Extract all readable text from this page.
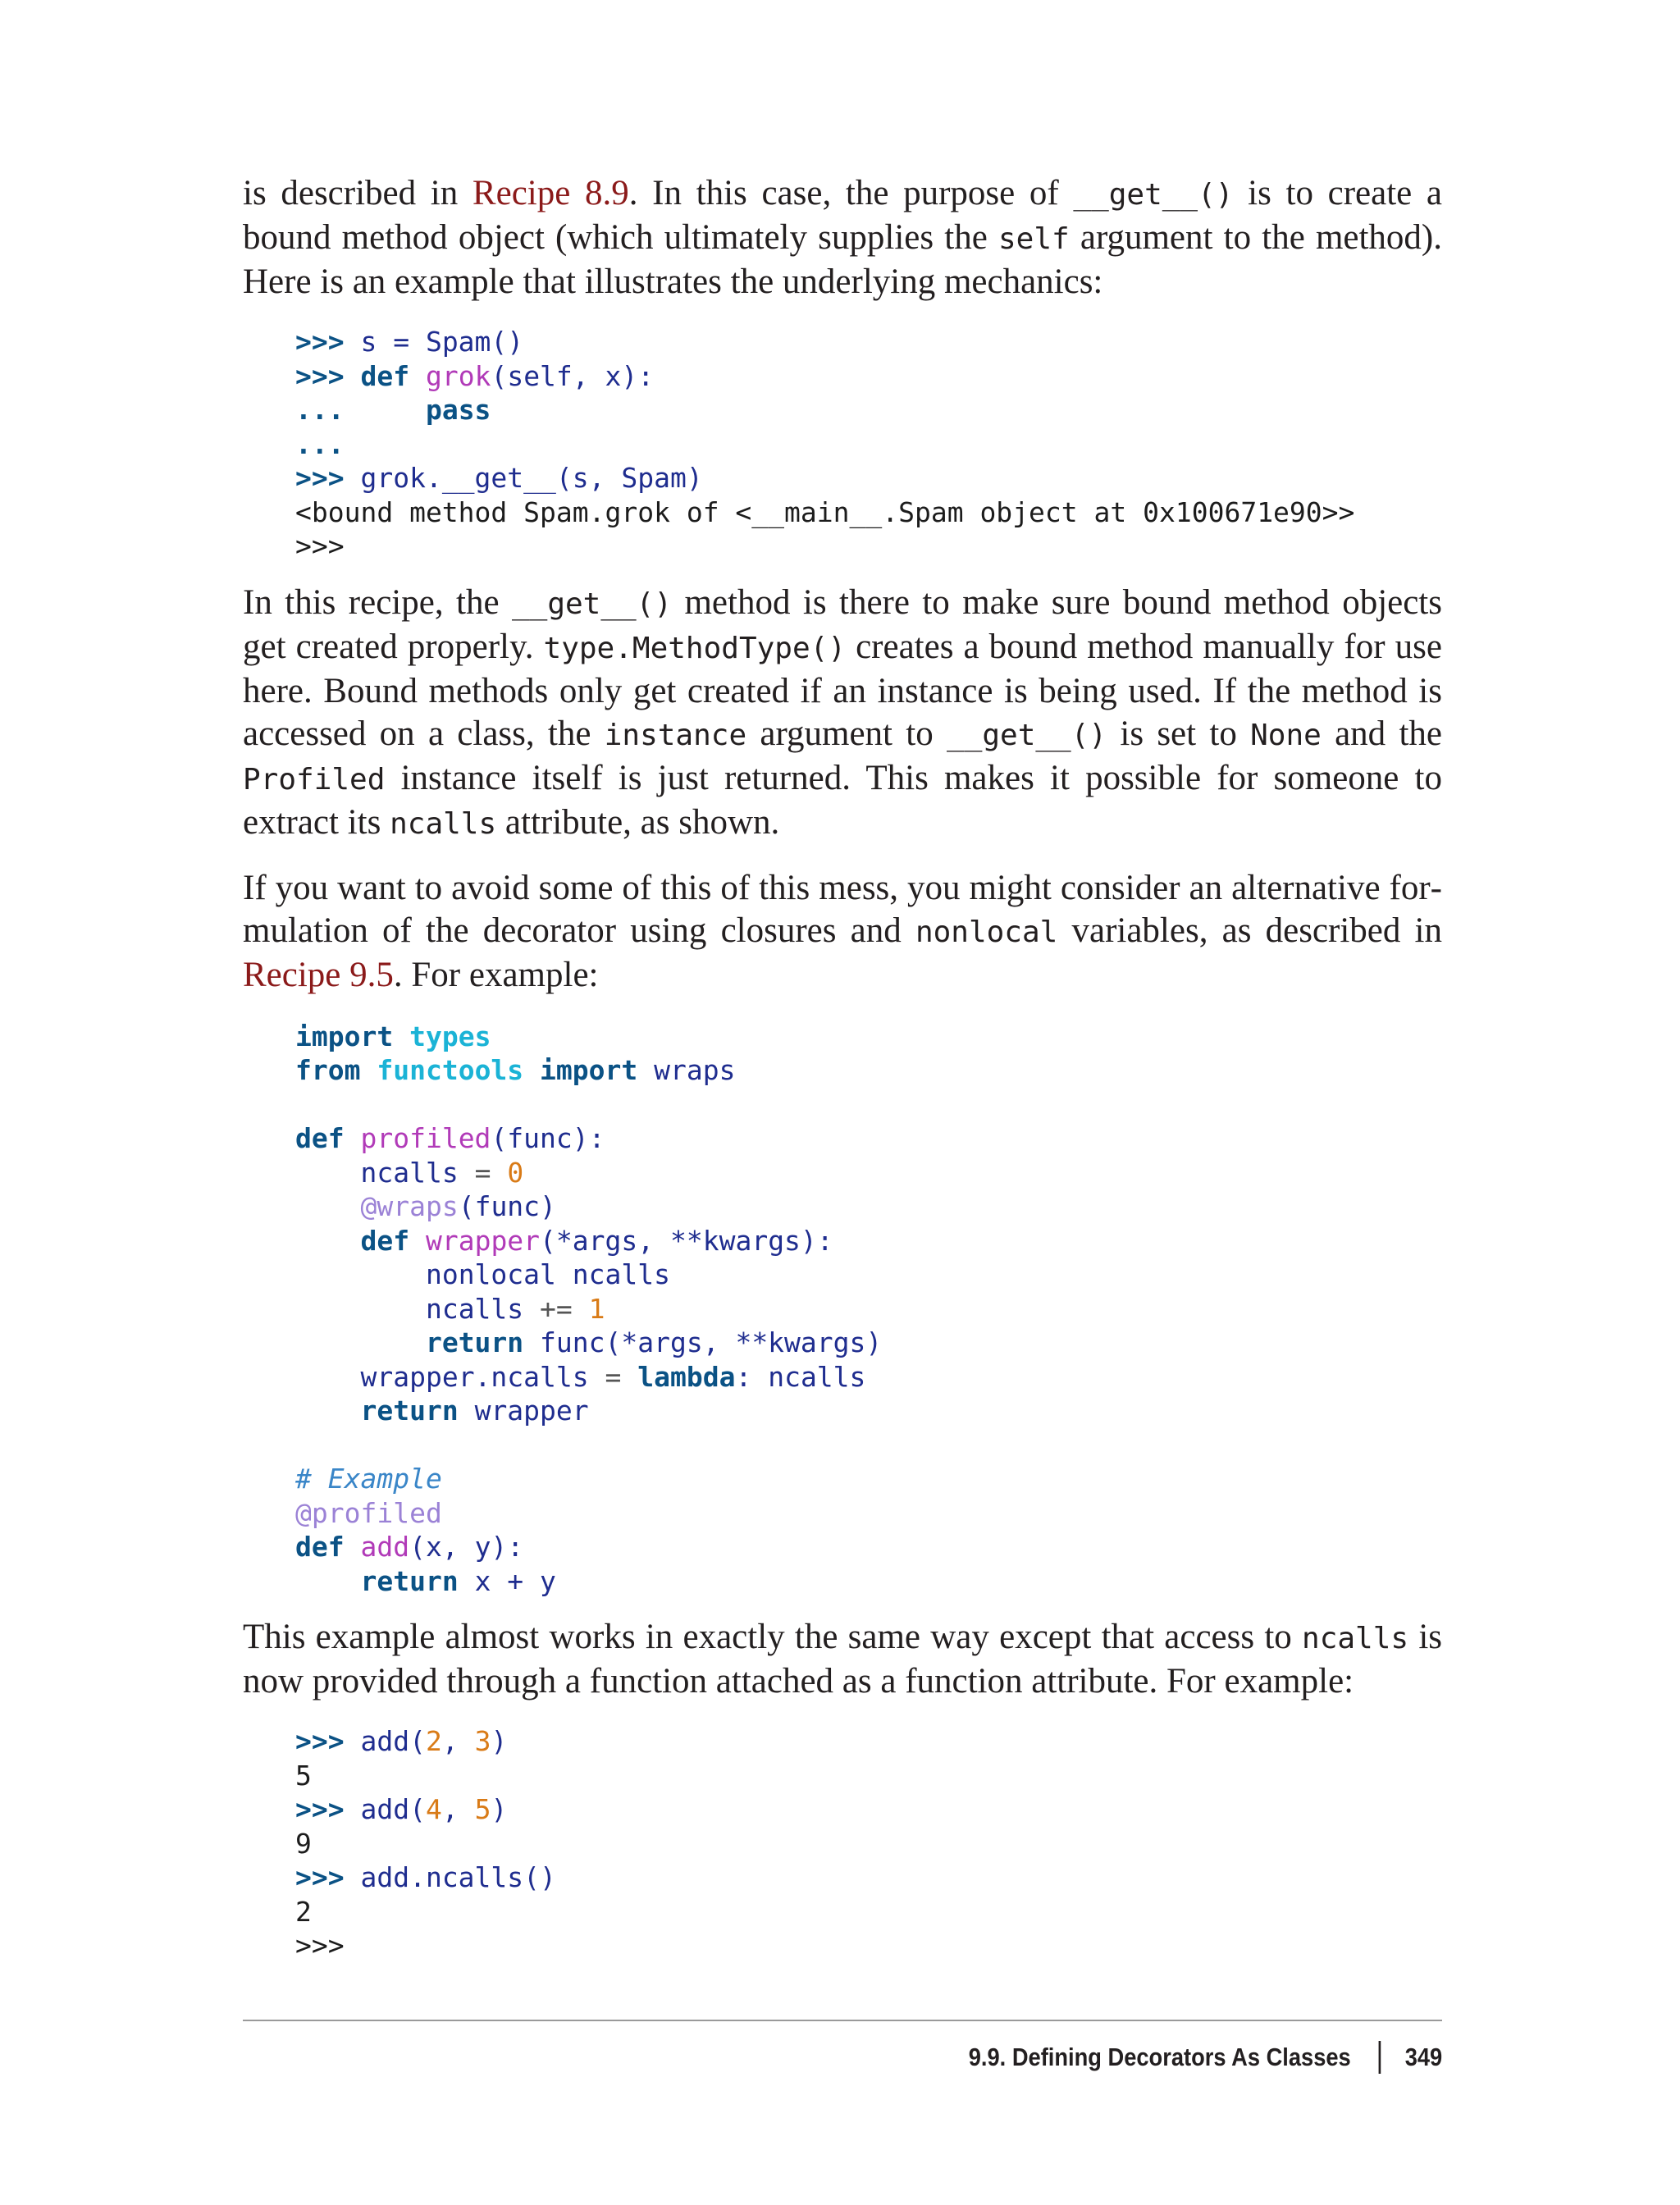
is described in Recipe 8.9. In this case, the purpose of __get__() is to create a bound method object (which ultimately supplies the self argument to the method). Here is an example that illustrates the underlying mechanics:

>>> s = Spam()
>>> def grok(self, x):
...	pass
...
>>> grok.__get__(s, Spam)
<bound method Spam.grok of <__main__.Spam object at 0x100671e90>>
>>>

In this recipe, the __get__() method is there to make sure bound method objects get created properly. type.MethodType() creates a bound method manually for use here. Bound methods only get created if an instance is being used. If the method is accessed on a class, the instance argument to __get__() is set to None and the Profiled instance itself is just returned. This makes it possible for someone to extract its ncalls attribute, as shown.

If you want to avoid some of this of this mess, you might consider an alternative formulation of the decorator using closures and nonlocal variables, as described in Recipe 9.5. For example:

import types
from functools import wraps

def profiled(func):
ncalls = 0
@wraps(func)
def wrapper(*args, **kwargs):
nonlocal ncalls
ncalls += 1
return func(*args, **kwargs)
wrapper.ncalls = lambda: ncalls
return wrapper

# Example
@profiled
def add(x, y):
return x + y

This example almost works in exactly the same way except that access to ncalls is now provided through a function attached as a function attribute. For example:

>>> add(2, 3)
5
>>> add(4, 5)
9
>>> add.ncalls()
2
>>>
9.9. Defining Decorators As Classes 349
